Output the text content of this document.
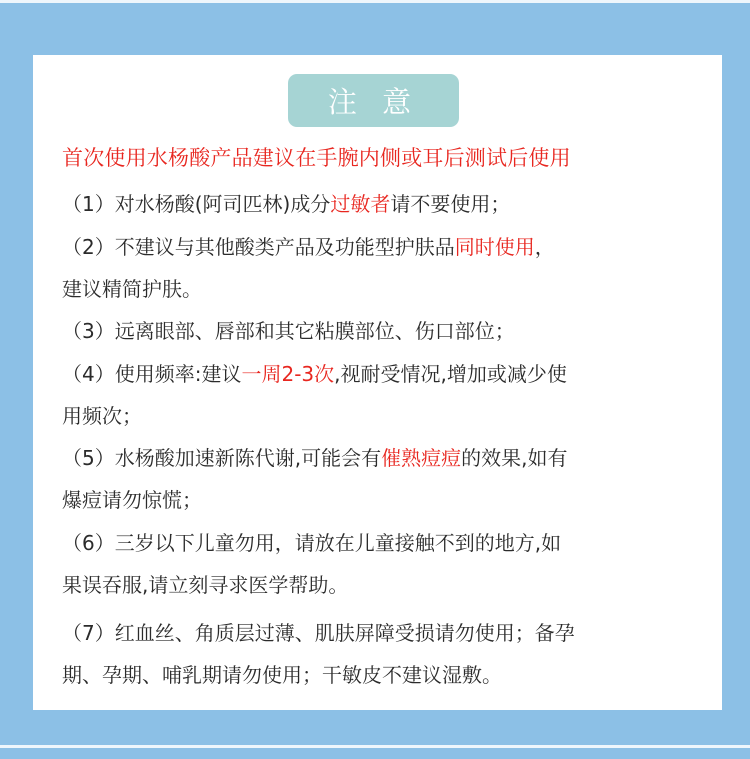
注 意
首次使用水杨酸产品建议在手腕内侧或耳后测试后使用
（1）对水杨酸(阿司匹林)成分过敏者请不要使用；
（2）不建议与其他酸类产品及功能型护肤品同时使用，
建议精简护肤。
（3）远离眼部、唇部和其它粘膜部位、伤口部位；
（4）使用频率:建议一周2-3次,视耐受情况,增加或减少使
用频次；
（5）水杨酸加速新陈代谢,可能会有催熟痘痘的效果,如有
爆痘请勿惊慌；
（6）三岁以下儿童勿用，请放在儿童接触不到的地方,如
果误吞服,请立刻寻求医学帮助。
（7）红血丝、角质层过薄、肌肤屏障受损请勿使用；备孕
期、孕期、哺乳期请勿使用；干敏皮不建议湿敷。
